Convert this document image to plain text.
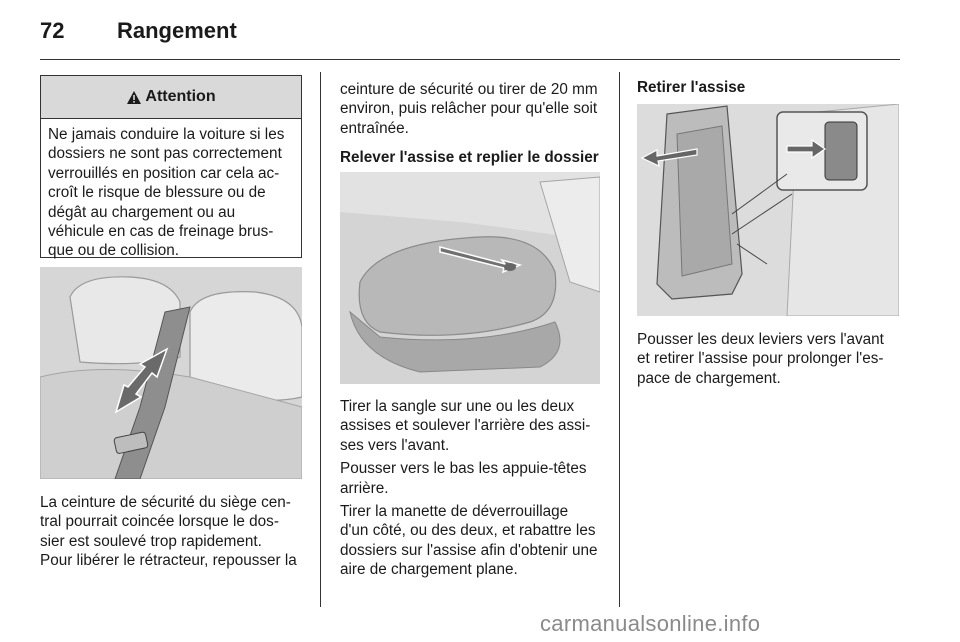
72 Rangement
Attention
Ne jamais conduire la voiture si les
dossiers ne sont pas correctement
verrouillés en position car cela ac-
croît le risque de blessure ou de
dégât au chargement ou au
véhicule en cas de freinage brus-
que ou de collision.
La ceinture de sécurité du siège cen-
tral pourrait coincée lorsque le dos-
sier est soulevé trop rapidement.
Pour libérer le rétracteur, repousser la
ceinture de sécurité ou tirer de 20 mm
environ, puis relâcher pour qu'elle soit
entraînée.
Relever l'assise et replier le dossier

Tirer la sangle sur une ou les deux
assises et soulever l'arrière des assi-
ses vers l'avant.

Pousser vers le bas les appuie-têtes
arrière.

Tirer la manette de déverrouillage
d'un côté, ou des deux, et rabattre les
dossiers sur l'assise afin d'obtenir une
aire de chargement plane.

Retirer l'assise
Pousser les deux leviers vers l'avant
et retirer l'assise pour prolonger l'es-
pace de chargement.
carmanualsonline.info
